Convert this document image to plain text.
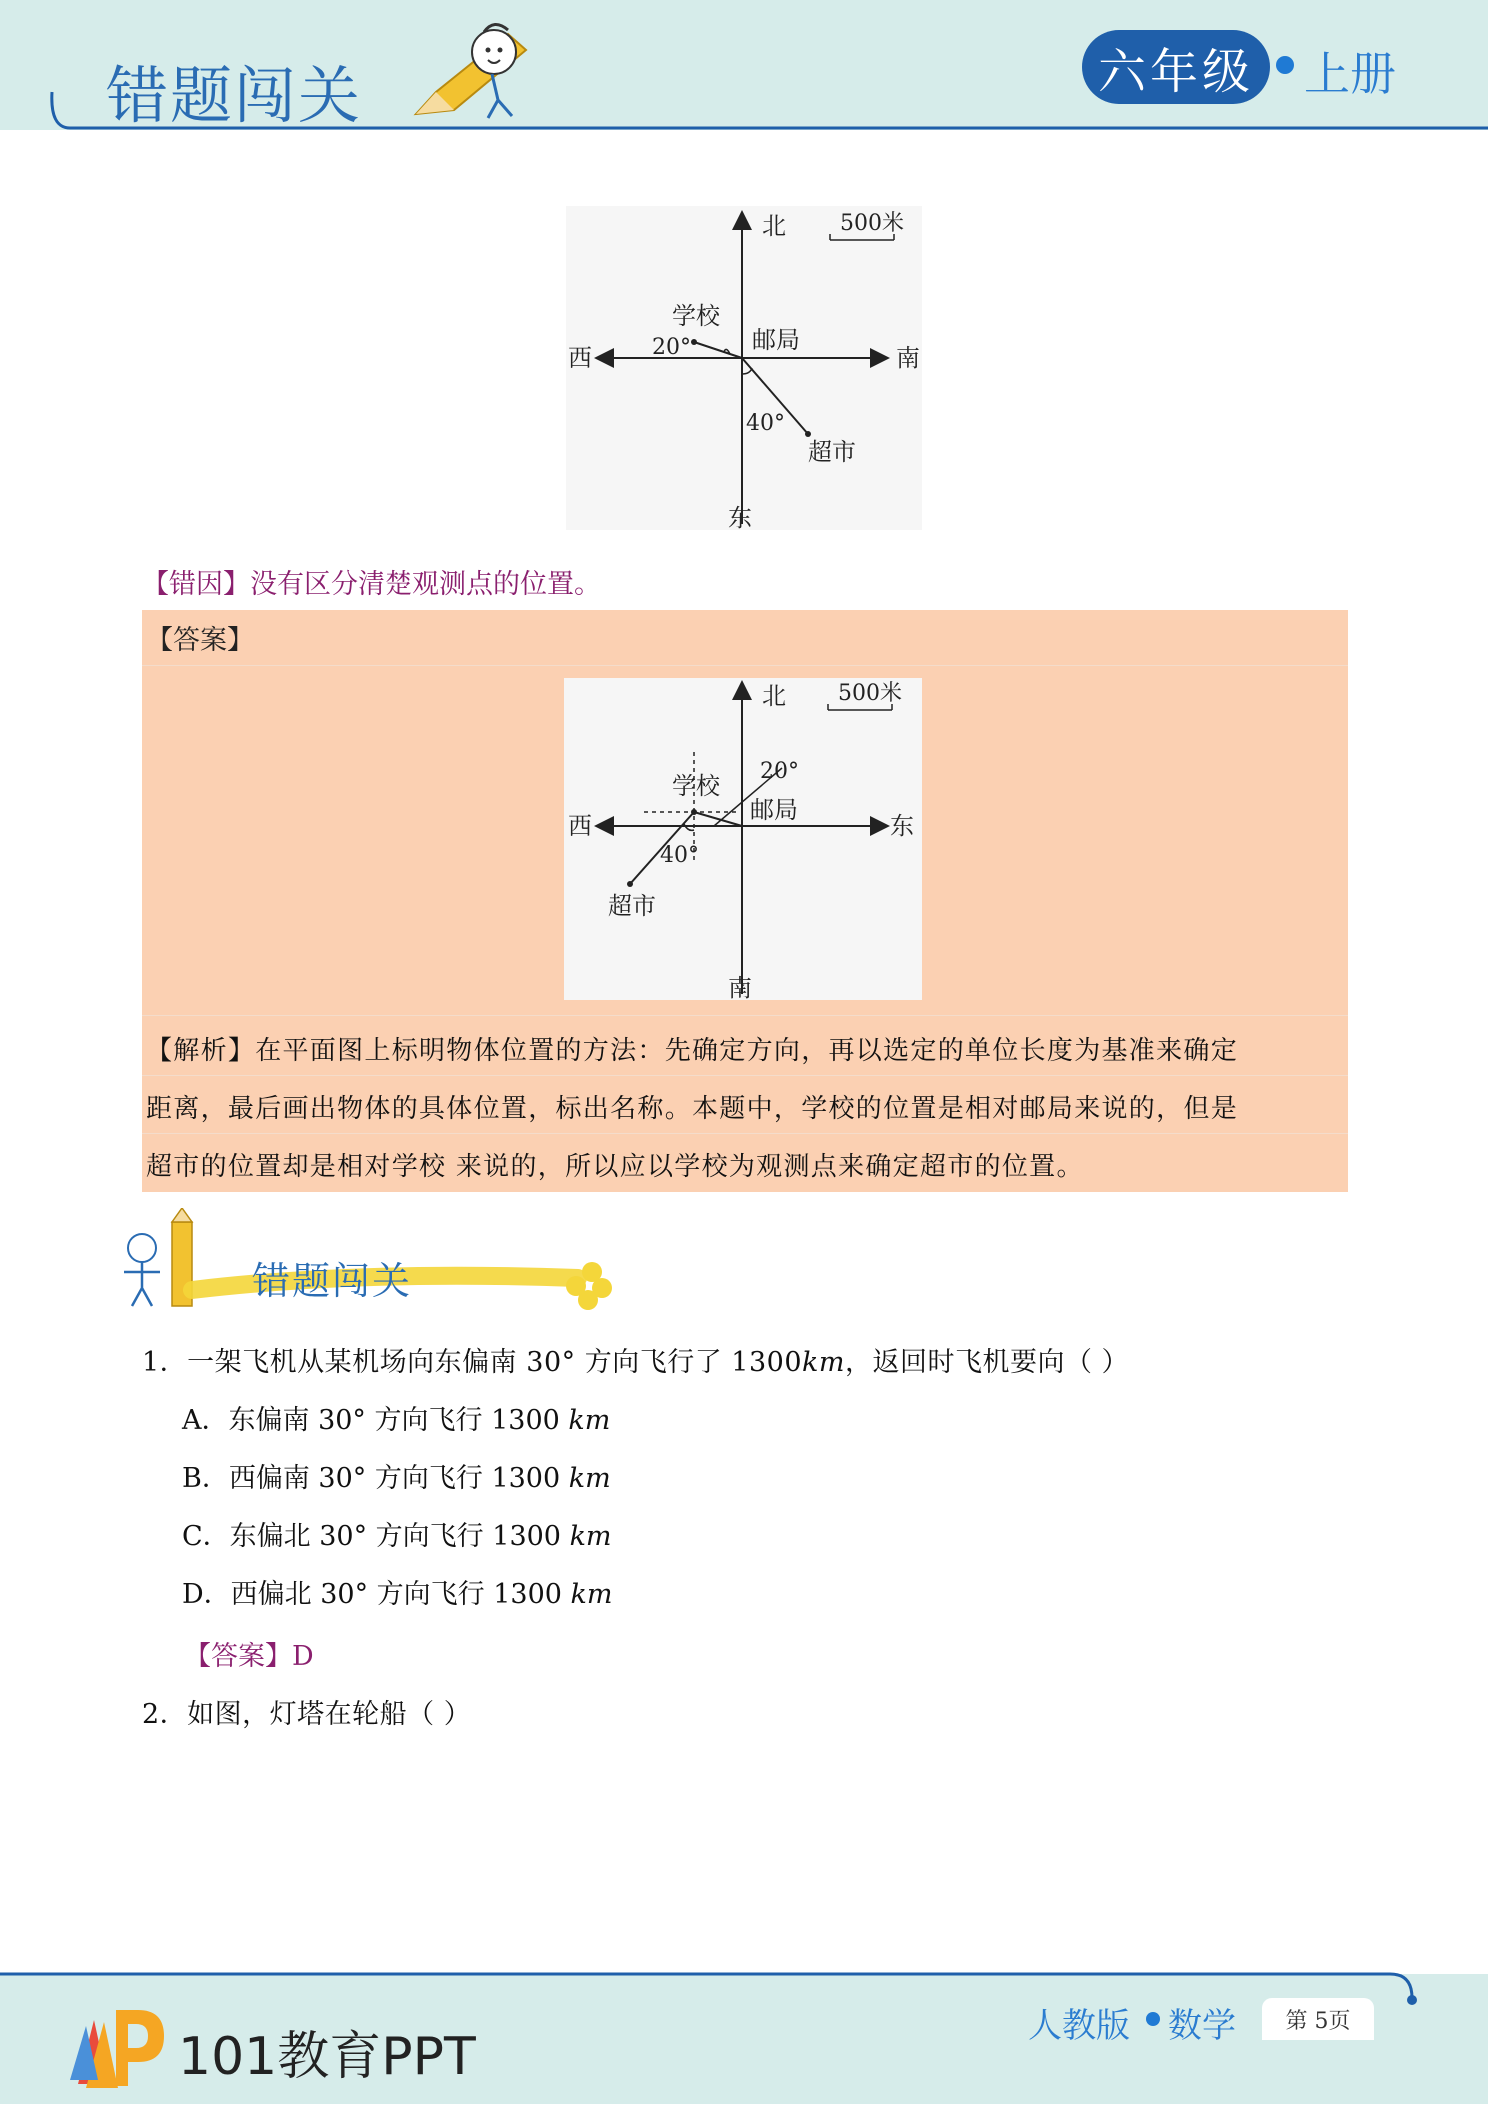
错题闯关	六年级	上册
北
东
西	南
500米
学校
邮局
20°
40°
超市
【错因】没有区分清楚观测点的位置。
【答案】
北
南
西	东
500米
学校
邮局
20°
40°
超市
【解析】在平面图上标明物体位置的方法：先确定方向，再以选定的单位长度为基准来确定
距离，最后画出物体的具体位置，标出名称。本题中，学校的位置是相对邮局来说的，但是
超市的位置却是相对学校 来说的，所以应以学校为观测点来确定超市的位置。
错题闯关
1．一架飞机从某机场向东偏南 30° 方向飞行了 1300km，返回时飞机要向（ ）
A．东偏南 30° 方向飞行 1300 km
B．西偏南 30° 方向飞行 1300 km
C．东偏北 30° 方向飞行 1300 km
D．西偏北 30° 方向飞行 1300 km
【答案】D
2．如图，灯塔在轮船（ ）
101教育PPT
人教版 数学	第 5页
